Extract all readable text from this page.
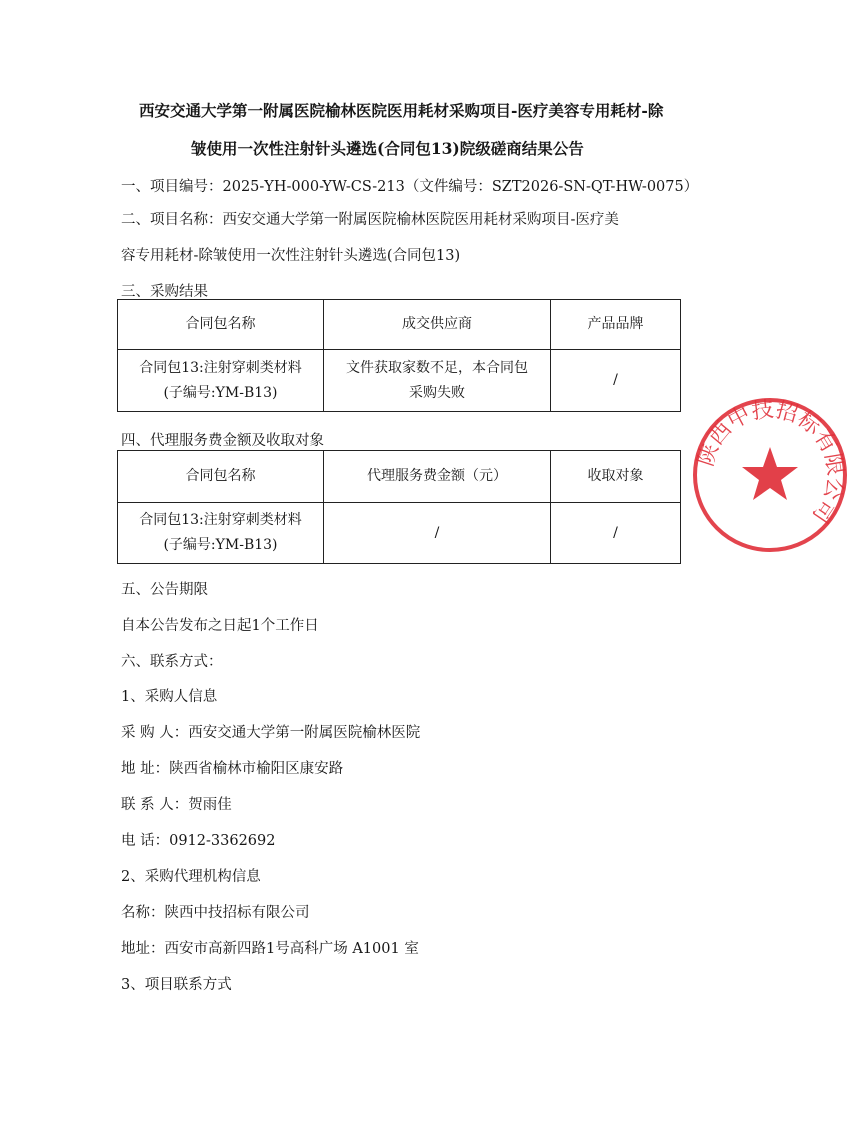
西安交通大学第一附属医院榆林医院医用耗材采购项目-医疗美容专用耗材-除
皱使用一次性注射针头遴选(合同包13)院级磋商结果公告
一、项目编号：2025-YH-000-YW-CS-213（文件编号：SZT2026-SN-QT-HW-0075）
二、项目名称：西安交通大学第一附属医院榆林医院医用耗材采购项目-医疗美
容专用耗材-除皱使用一次性注射针头遴选(合同包13)
三、采购结果
合同包名称	成交供应商	产品品牌

合同包13:注射穿刺类材料
(子编号:YM-B13)	文件获取家数不足，本合同包
采购失败	/
四、代理服务费金额及收取对象
合同包名称	代理服务费金额（元）	收取对象

合同包13:注射穿刺类材料
(子编号:YM-B13)	/	/
五、公告期限
自本公告发布之日起1个工作日
六、联系方式：
1、采购人信息
采 购 人：西安交通大学第一附属医院榆林医院
地 址：陕西省榆林市榆阳区康安路
联 系 人：贺雨佳
电 话：0912-3362692
2、采购代理机构信息
名称：陕西中技招标有限公司
地址：西安市高新四路1号高科广场 A1001 室
3、项目联系方式
陕西中技招标有限公司
